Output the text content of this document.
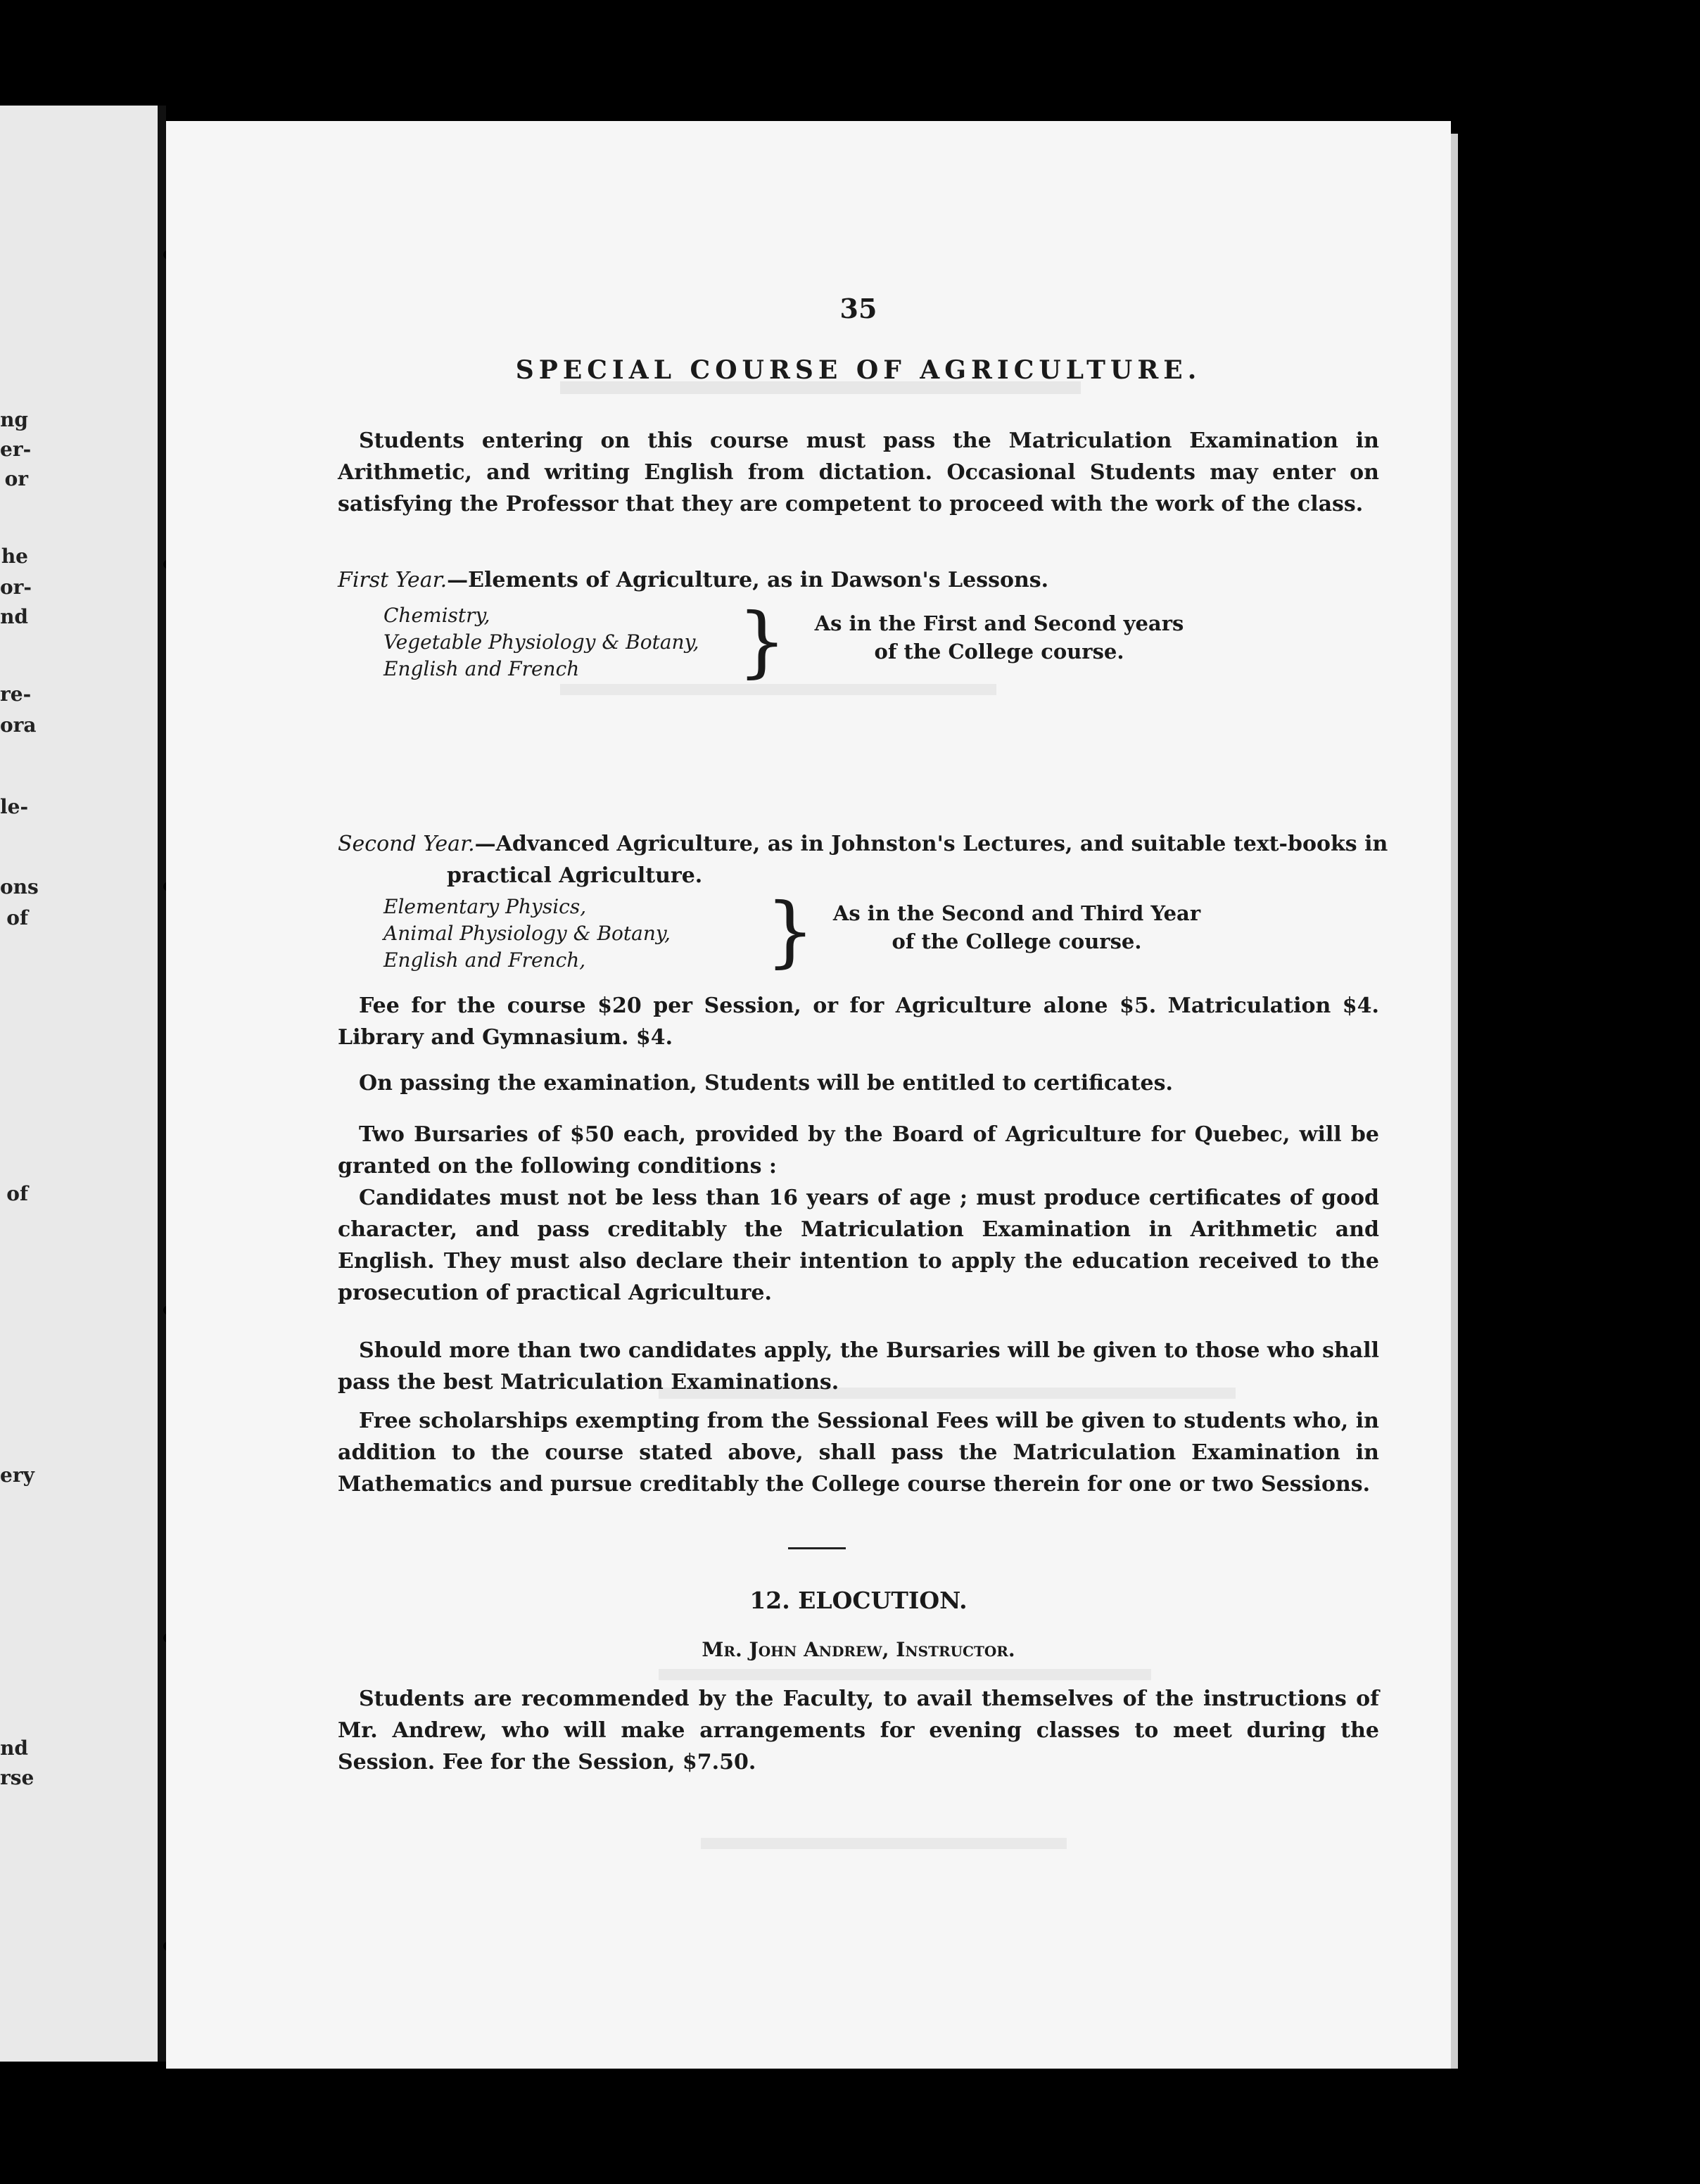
ng
er-
or
he
or-
nd
re-
ora
le-
ons
of
of
ery
nd
rse
35
SPECIAL COURSE OF AGRICULTURE.
Students entering on this course must pass the Matriculation Examination in Arithmetic, and writing English from dictation. Occasional Students may enter on satisfying the Professor that they are competent to proceed with the work of the class.
First Year.—Elements of Agriculture, as in Dawson's Lessons.
Chemistry,
Vegetable Physiology & Botany,
English and French	}	As in the First and Second years
of the College course.
Second Year.—Advanced Agriculture, as in Johnston's Lectures, and suitable text-books in practical Agriculture.
Elementary Physics,
Animal Physiology & Botany,
English and French,	} As in the Second and Third Year
of the College course.
Fee for the course $20 per Session, or for Agriculture alone $5. Matriculation $4. Library and Gymnasium. $4.
On passing the examination, Students will be entitled to certificates.
Two Bursaries of $50 each, provided by the Board of Agriculture for Quebec, will be granted on the following conditions :
Candidates must not be less than 16 years of age ; must produce certificates of good character, and pass creditably the Matriculation Examination in Arithmetic and English. They must also declare their intention to apply the education received to the prosecution of practical Agriculture.
Should more than two candidates apply, the Bursaries will be given to those who shall pass the best Matriculation Examinations.
Free scholarships exempting from the Sessional Fees will be given to students who, in addition to the course stated above, shall pass the Matriculation Examination in Mathematics and pursue creditably the College course therein for one or two Sessions.
12. ELOCUTION.
Mr. John Andrew, Instructor.
Students are recommended by the Faculty, to avail themselves of the instructions of Mr. Andrew, who will make arrangements for evening classes to meet during the Session. Fee for the Session, $7.50.
